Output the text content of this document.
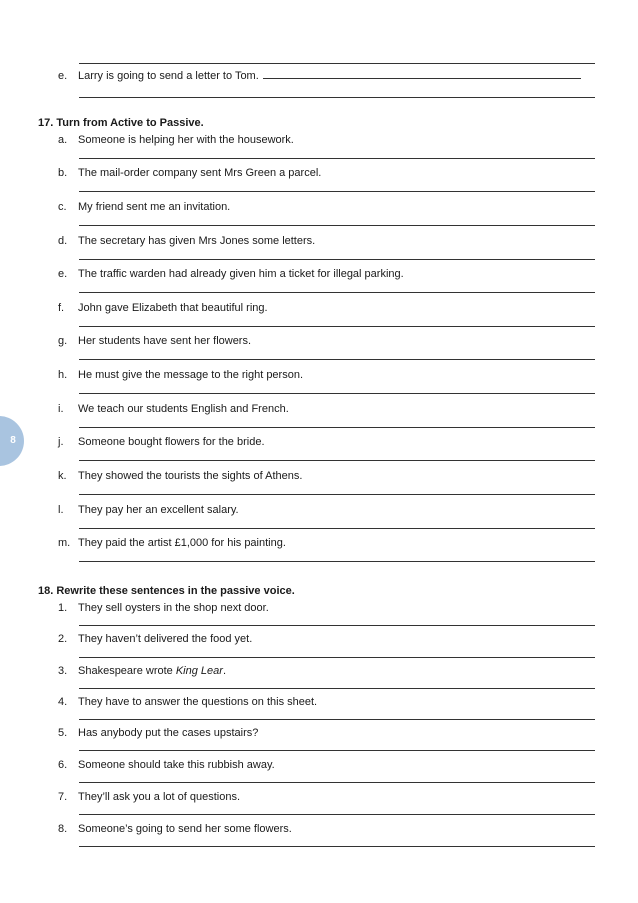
8
e. Larry is going to send a letter to Tom.
17. Turn from Active to Passive.
a. Someone is helping her with the housework.
b. The mail-order company sent Mrs Green a parcel.
c. My friend sent me an invitation.
d. The secretary has given Mrs Jones some letters.
e. The traffic warden had already given him a ticket for illegal parking.
f. John gave Elizabeth that beautiful ring.
g. Her students have sent her flowers.
h. He must give the message to the right person.
i. We teach our students English and French.
j. Someone bought flowers for the bride.
k. They showed the tourists the sights of Athens.
l. They pay her an excellent salary.
m. They paid the artist £1,000 for his painting.
18. Rewrite these sentences in the passive voice.
1. They sell oysters in the shop next door.
2. They haven’t delivered the food yet.
3. Shakespeare wrote King Lear.
4. They have to answer the questions on this sheet.
5. Has anybody put the cases upstairs?
6. Someone should take this rubbish away.
7. They’ll ask you a lot of questions.
8. Someone’s going to send her some flowers.
